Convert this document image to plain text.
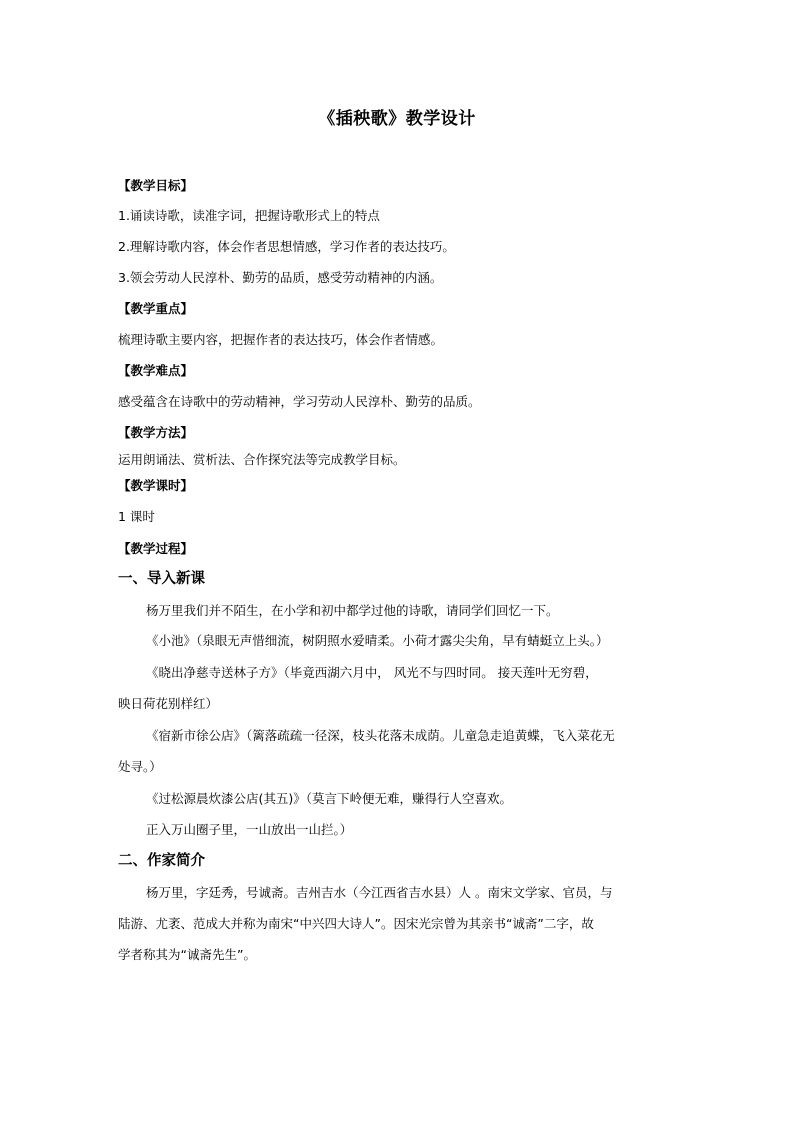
《插秧歌》教学设计
【教学目标】
1.诵读诗歌，读准字词，把握诗歌形式上的特点
2.理解诗歌内容，体会作者思想情感，学习作者的表达技巧。
3.领会劳动人民淳朴、勤劳的品质，感受劳动精神的内涵。
【教学重点】
梳理诗歌主要内容，把握作者的表达技巧，体会作者情感。
【教学难点】
感受蕴含在诗歌中的劳动精神，学习劳动人民淳朴、勤劳的品质。
【教学方法】
运用朗诵法、赏析法、合作探究法等完成教学目标。
【教学课时】
1 课时
【教学过程】
一、导入新课
杨万里我们并不陌生，在小学和初中都学过他的诗歌，请同学们回忆一下。
《小池》（泉眼无声惜细流，树阴照水爱晴柔。小荷才露尖尖角，早有蜻蜓立上头。）
《晓出净慈寺送林子方》（毕竟西湖六月中， 风光不与四时同。 接天莲叶无穷碧，
映日荷花别样红）
《宿新市徐公店》（篱落疏疏一径深，枝头花落未成荫。儿童急走追黄蝶，飞入菜花无
处寻。）
《过松源晨炊漆公店(其五)》（莫言下岭便无难，赚得行人空喜欢。
正入万山圈子里，一山放出一山拦。）
二、作家简介
杨万里，字廷秀，号诚斋。吉州吉水（今江西省吉水县）人 。南宋文学家、官员，与
陆游、尤袤、范成大并称为南宋“中兴四大诗人”。因宋光宗曾为其亲书“诚斋”二字，故
学者称其为“诚斋先生”。
